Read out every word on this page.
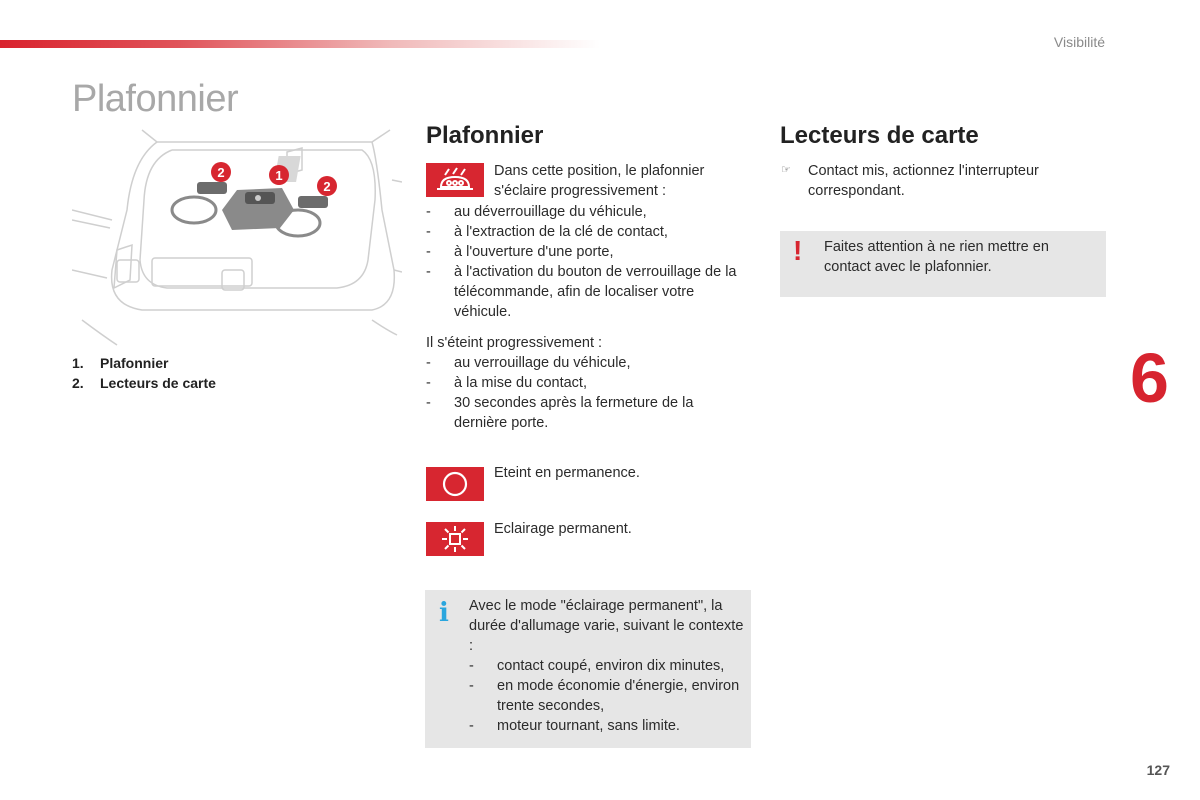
Visibilité
Plafonnier
6
127
2	1
2
1. Plafonnier
2. Lecteurs de carte
Plafonnier
Dans cette position, le plafonnier s'éclaire progressivement :
- au déverrouillage du véhicule,
- à l'extraction de la clé de contact,
- à l'ouverture d'une porte,
- à l'activation du bouton de verrouillage de la télécommande, afin de localiser votre véhicule.
Il s'éteint progressivement :
- au verrouillage du véhicule,
- à la mise du contact,
- 30 secondes après la fermeture de la dernière porte.
Eteint en permanence.
Eclairage permanent.
i Avec le mode "éclairage permanent", la durée d'allumage varie, suivant le contexte :
- contact coupé, environ dix minutes,
- en mode économie d'énergie, environ trente secondes,
- moteur tournant, sans limite.
Lecteurs de carte
☞ Contact mis, actionnez l'interrupteur correspondant.
! Faites attention à ne rien mettre en contact avec le plafonnier.
